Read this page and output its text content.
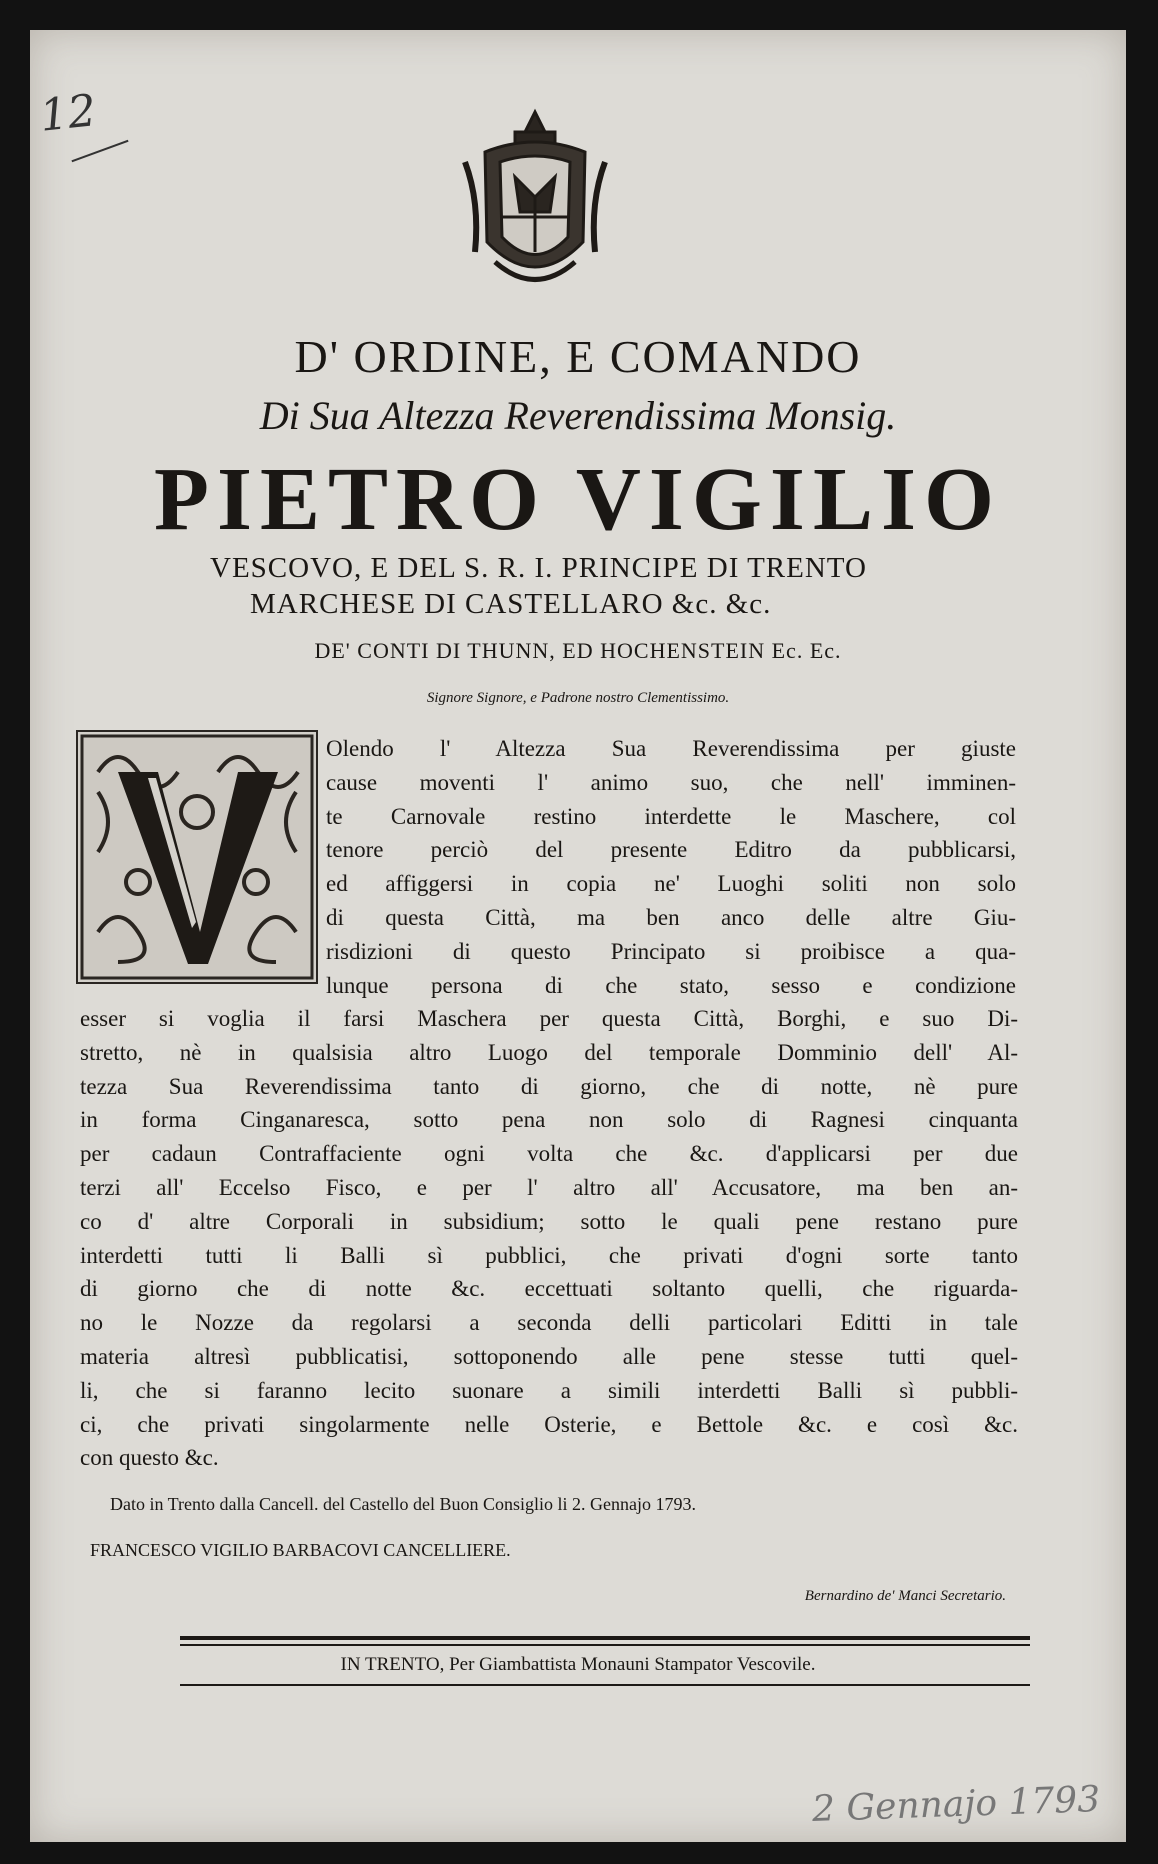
12
D' ORDINE, E COMANDO
Di Sua Altezza Reverendissima Monsig.
PIETRO VIGILIO
VESCOVO, E DEL S. R. I. PRINCIPE DI TRENTO
MARCHESE DI CASTELLARO &c. &c.
DE' CONTI DI THUNN, ED HOCHENSTEIN Ec. Ec.
Signore Signore, e Padrone nostro Clementissimo.
Olendo l' Altezza Sua Reverendissima per giuste
cause moventi l' animo suo, che nell' imminen-
te Carnovale restino interdette le Maschere, col
tenore perciò del presente Editro da pubblicarsi,
ed affiggersi in copia ne' Luoghi soliti non solo
di questa Città, ma ben anco delle altre Giu-
risdizioni di questo Principato si proibisce a qua-
lunque persona di che stato, sesso e condizione
esser si voglia il farsi Maschera per questa Città, Borghi, e suo Di-
stretto, nè in qualsisia altro Luogo del temporale Domminio dell' Al-
tezza Sua Reverendissima tanto di giorno, che di notte, nè pure
in forma Cinganaresca, sotto pena non solo di Ragnesi cinquanta
per cadaun Contraffaciente ogni volta che &c. d'applicarsi per due
terzi all' Eccelso Fisco, e per l' altro all' Accusatore, ma ben an-
co d' altre Corporali in subsidium; sotto le quali pene restano pure
interdetti tutti li Balli sì pubblici, che privati d'ogni sorte tanto
di giorno che di notte &c. eccettuati soltanto quelli, che riguarda-
no le Nozze da regolarsi a seconda delli particolari Editti in tale
materia altresì pubblicatisi, sottoponendo alle pene stesse tutti quel-
li, che si faranno lecito suonare a simili interdetti Balli sì pubbli-
ci, che privati singolarmente nelle Osterie, e Bettole &c. e così &c.
con questo &c.
Dato in Trento dalla Cancell. del Castello del Buon Consiglio li 2. Gennajo 1793.
FRANCESCO VIGILIO BARBACOVI CANCELLIERE.
Bernardino de' Manci Secretario.
IN TRENTO, Per Giambattista Monauni Stampator Vescovile.
2 Gennajo 1793
